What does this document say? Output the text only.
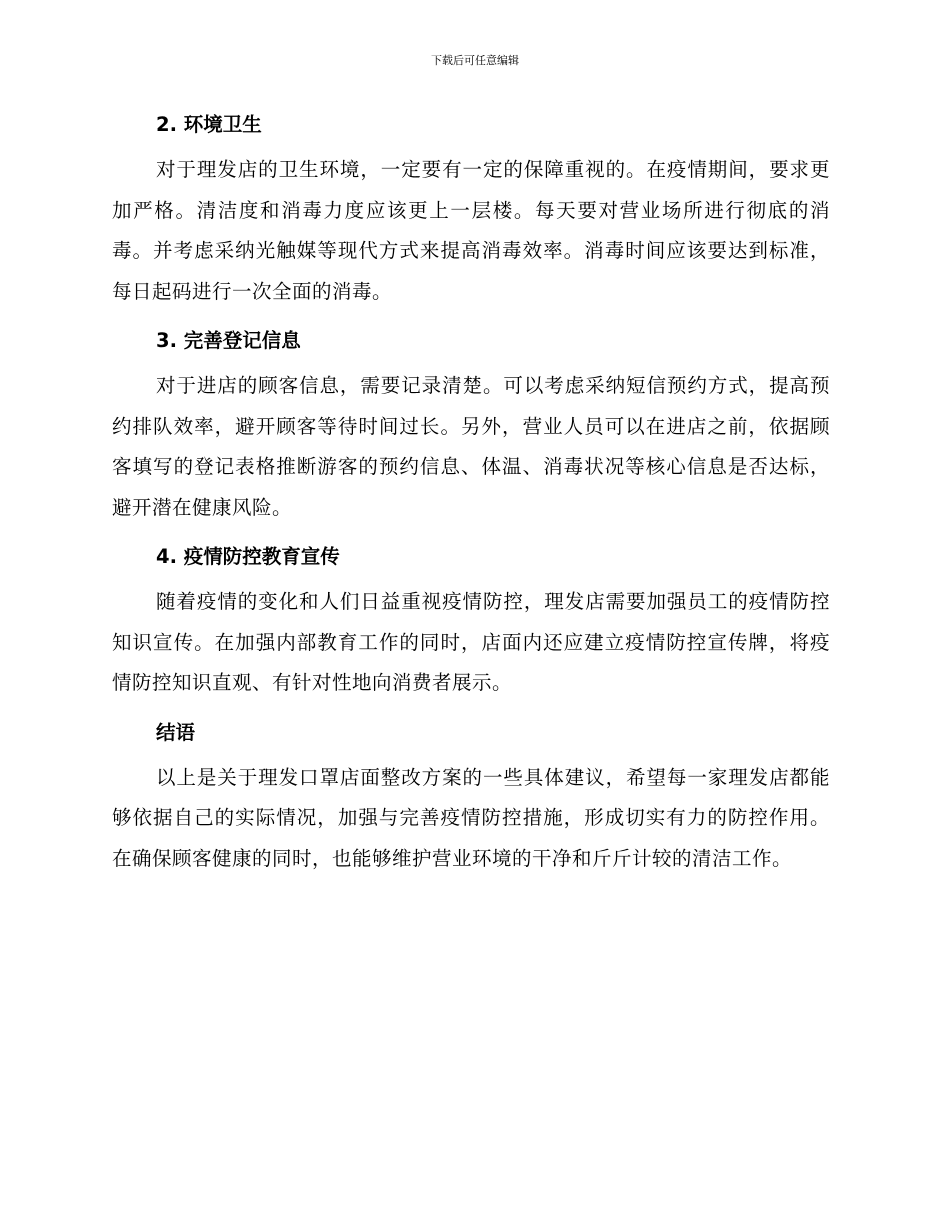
下载后可任意编辑
2. 环境卫生

对于理发店的卫生环境，一定要有一定的保障重视的。在疫情期间，要求更加严格。清洁度和消毒力度应该更上一层楼。每天要对营业场所进行彻底的消毒。并考虑采纳光触媒等现代方式来提高消毒效率。消毒时间应该要达到标准，每日起码进行一次全面的消毒。

3. 完善登记信息

对于进店的顾客信息，需要记录清楚。可以考虑采纳短信预约方式，提高预约排队效率，避开顾客等待时间过长。另外，营业人员可以在进店之前，依据顾客填写的登记表格推断游客的预约信息、体温、消毒状况等核心信息是否达标，避开潜在健康风险。

4. 疫情防控教育宣传

随着疫情的变化和人们日益重视疫情防控，理发店需要加强员工的疫情防控知识宣传。在加强内部教育工作的同时，店面内还应建立疫情防控宣传牌，将疫情防控知识直观、有针对性地向消费者展示。

结语

以上是关于理发口罩店面整改方案的一些具体建议，希望每一家理发店都能够依据自己的实际情况，加强与完善疫情防控措施，形成切实有力的防控作用。在确保顾客健康的同时，也能够维护营业环境的干净和斤斤计较的清洁工作。
